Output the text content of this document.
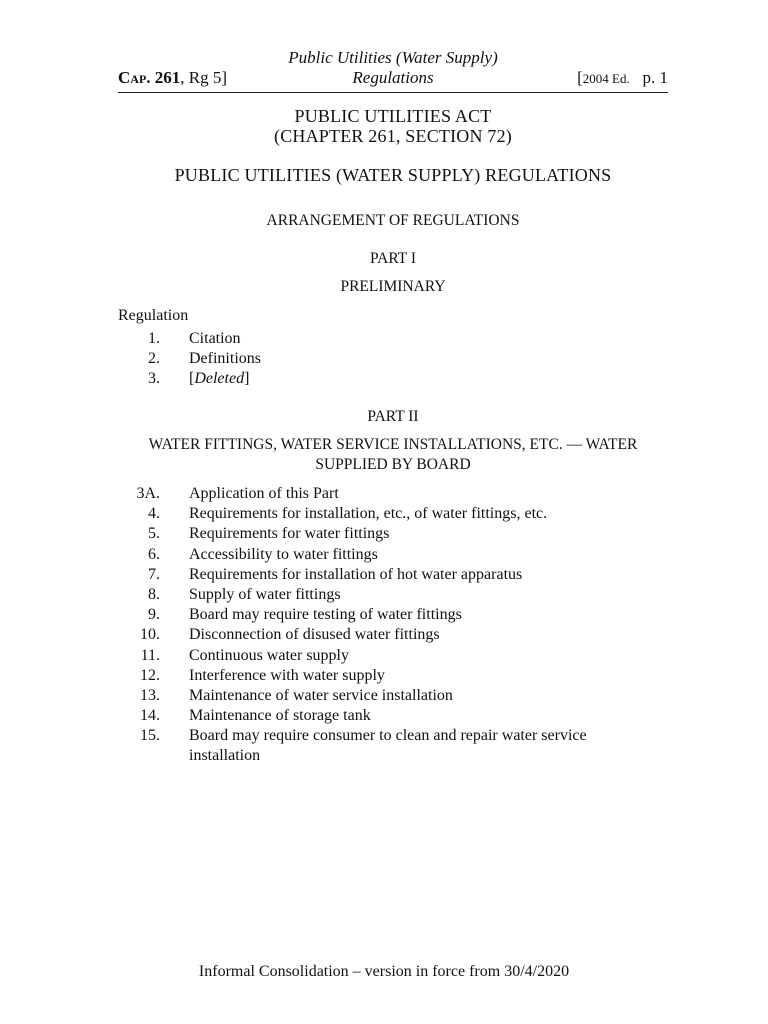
Public Utilities (Water Supply)
Regulations
Cap. 261, Rg 5]	[2004 Ed. p. 1
PUBLIC UTILITIES ACT
(CHAPTER 261, SECTION 72)
PUBLIC UTILITIES (WATER SUPPLY) REGULATIONS
ARRANGEMENT OF REGULATIONS
PART I
PRELIMINARY
Regulation
1. Citation
2. Definitions
3. [Deleted]
PART II
WATER FITTINGS, WATER SERVICE INSTALLATIONS, ETC. — WATER
SUPPLIED BY BOARD
3A. Application of this Part
4. Requirements for installation, etc., of water fittings, etc.
5. Requirements for water fittings
6. Accessibility to water fittings
7. Requirements for installation of hot water apparatus
8. Supply of water fittings
9. Board may require testing of water fittings
10. Disconnection of disused water fittings
11. Continuous water supply
12. Interference with water supply
13. Maintenance of water service installation
14. Maintenance of storage tank
15. Board may require consumer to clean and repair water service
installation
Informal Consolidation – version in force from 30/4/2020
